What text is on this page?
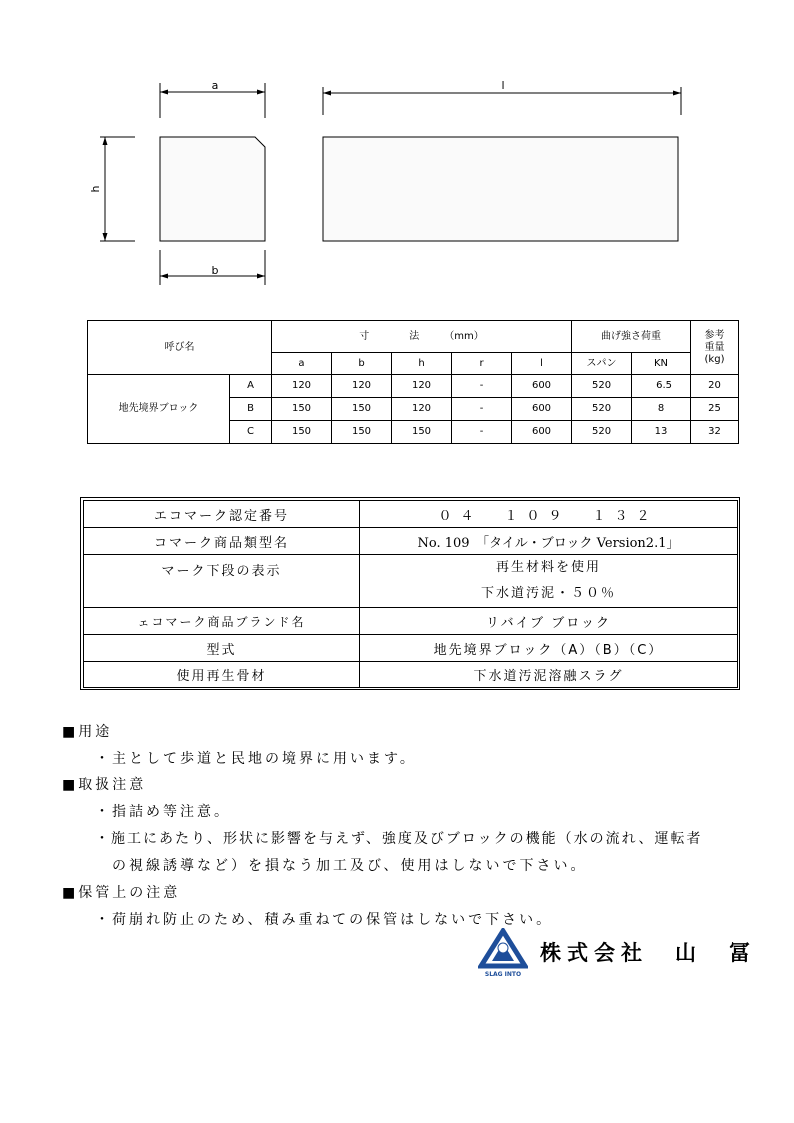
a
b
l
h
呼び名		寸　　　　法　　　（mm）					曲げ強さ荷重		参考
重量
(kg)

		a	b	h	r	l	スパン	KN	
地先境界ブロック	A	120	120	120	-	600	520	6.5	20
	B	150	150	120	-	600	520	8	25
	C	150	150	150	-	600	520	13	32
エコマーク認定番号	０４　１０９　１３２
コマーク商品類型名	No. 109　「タイル・ブロック Version2.1」
マーク下段の表示	再生材料を使用
下水道汚泥・５０％

ェコマーク商品ブランド名	リバイブ ブロック
型式	地先境界ブロック（A）（B）（C）
使用再生骨材	下水道汚泥溶融スラグ
■用途
・主として歩道と民地の境界に用います。
■取扱注意
・指詰め等注意。
・施工にあたり、形状に影響を与えず、強度及びブロックの機能（水の流れ、運転者
の視線誘導など）を損なう加工及び、使用はしないで下さい。
■保管上の注意
・荷崩れ防止のため、積み重ねての保管はしないで下さい。
SLAG INTO
株式会社　山　冨
